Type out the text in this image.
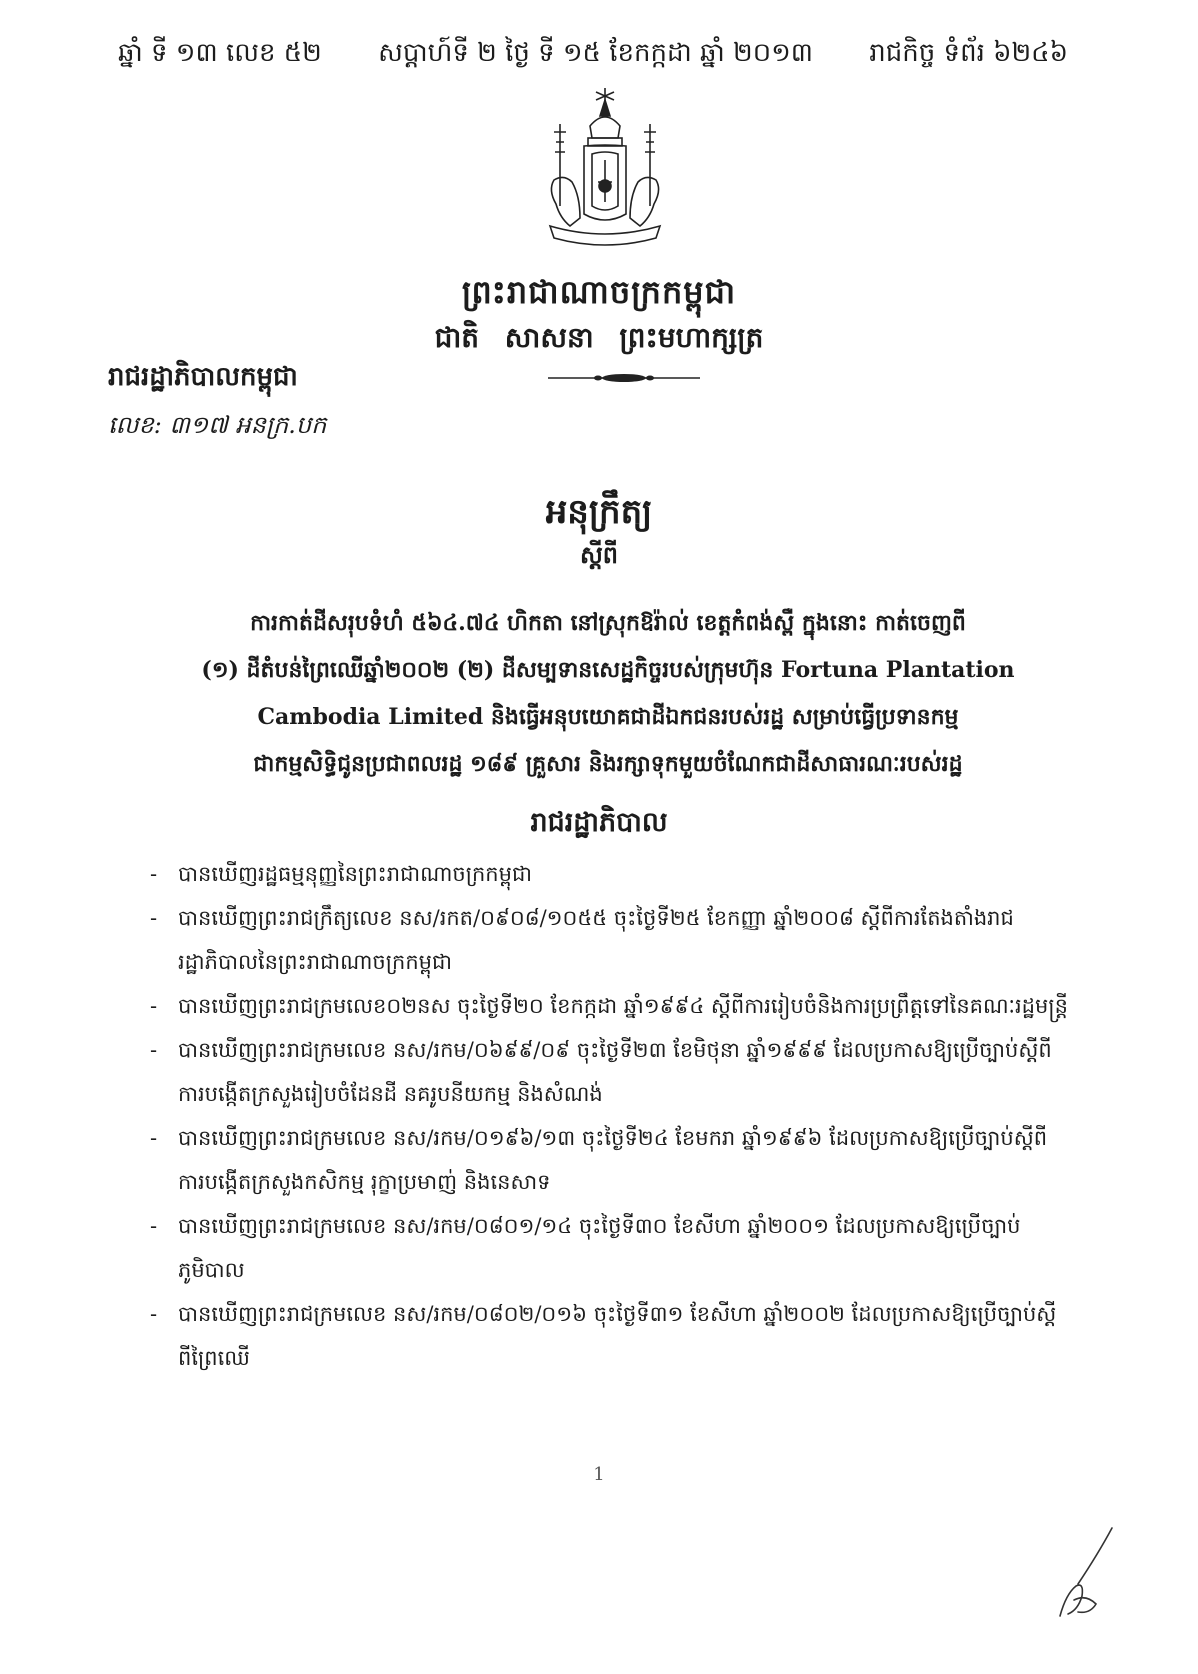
ឆ្នាំ ទី ១៣ លេខ ៥២ សប្តាហ៍ទី ២ ថ្ងៃ ទី ១៥ ខែកក្កដា ឆ្នាំ ២០១៣ រាជកិច្ច ទំព័រ ៦២៤៦
ព្រះរាជាណាចក្រកម្ពុជា
ជាតិ សាសនា ព្រះមហាក្សត្រ
រាជរដ្ឋាភិបាលកម្ពុជា
លេខ: ៣១៧ អនក្រ.បក
អនុក្រឹត្យ
ស្តីពី
ការកាត់ដីសរុបទំហំ ៥៦៤.៧៤ ហិកតា នៅស្រុកឱរ៉ាល់ ខេត្តកំពង់ស្ពឺ ក្នុងនោះ កាត់ចេញពី
(១) ដីតំបន់ព្រៃឈើឆ្នាំ២០០២ (២) ដីសម្បទានសេដ្ឋកិច្ចរបស់ក្រុមហ៊ុន Fortuna Plantation
Cambodia Limited និងធ្វើអនុបយោគជាដីឯកជនរបស់រដ្ឋ សម្រាប់ធ្វើប្រទានកម្ម
ជាកម្មសិទ្ធិជូនប្រជាពលរដ្ឋ ១៨៩ គ្រួសារ និងរក្សាទុកមួយចំណែកជាដីសាធារណៈរបស់រដ្ឋ
រាជរដ្ឋាភិបាល
- បានឃើញរដ្ឋធម្មនុញ្ញនៃព្រះរាជាណាចក្រកម្ពុជា
- បានឃើញព្រះរាជក្រឹត្យលេខ នស/រកត/០៩០៨/១០៥៥ ចុះថ្ងៃទី២៥ ខែកញ្ញា ឆ្នាំ២០០៨ ស្តីពីការតែងតាំងរាជរដ្ឋាភិបាលនៃព្រះរាជាណាចក្រកម្ពុជា
- បានឃើញព្រះរាជក្រមលេខ០២នស ចុះថ្ងៃទី២០ ខែកក្កដា ឆ្នាំ១៩៩៤ ស្តីពីការរៀបចំនិងការប្រព្រឹត្តទៅនៃគណៈរដ្ឋមន្ត្រី
- បានឃើញព្រះរាជក្រមលេខ នស/រកម/០៦៩៩/០៩ ចុះថ្ងៃទី២៣ ខែមិថុនា ឆ្នាំ១៩៩៩ ដែលប្រកាសឱ្យប្រើច្បាប់ស្តីពីការបង្កើតក្រសួងរៀបចំដែនដី នគរូបនីយកម្ម និងសំណង់
- បានឃើញព្រះរាជក្រមលេខ នស/រកម/០១៩៦/១៣ ចុះថ្ងៃទី២៤ ខែមករា ឆ្នាំ១៩៩៦ ដែលប្រកាសឱ្យប្រើច្បាប់ស្តីពីការបង្កើតក្រសួងកសិកម្ម រុក្ខាប្រមាញ់ និងនេសាទ
- បានឃើញព្រះរាជក្រមលេខ នស/រកម/០៨០១/១៤ ចុះថ្ងៃទី៣០ ខែសីហា ឆ្នាំ២០០១ ដែលប្រកាសឱ្យប្រើច្បាប់ភូមិបាល
- បានឃើញព្រះរាជក្រមលេខ នស/រកម/០៨០២/០១៦ ចុះថ្ងៃទី៣១ ខែសីហា ឆ្នាំ២០០២ ដែលប្រកាសឱ្យប្រើច្បាប់ស្តីពីព្រៃឈើ
1
